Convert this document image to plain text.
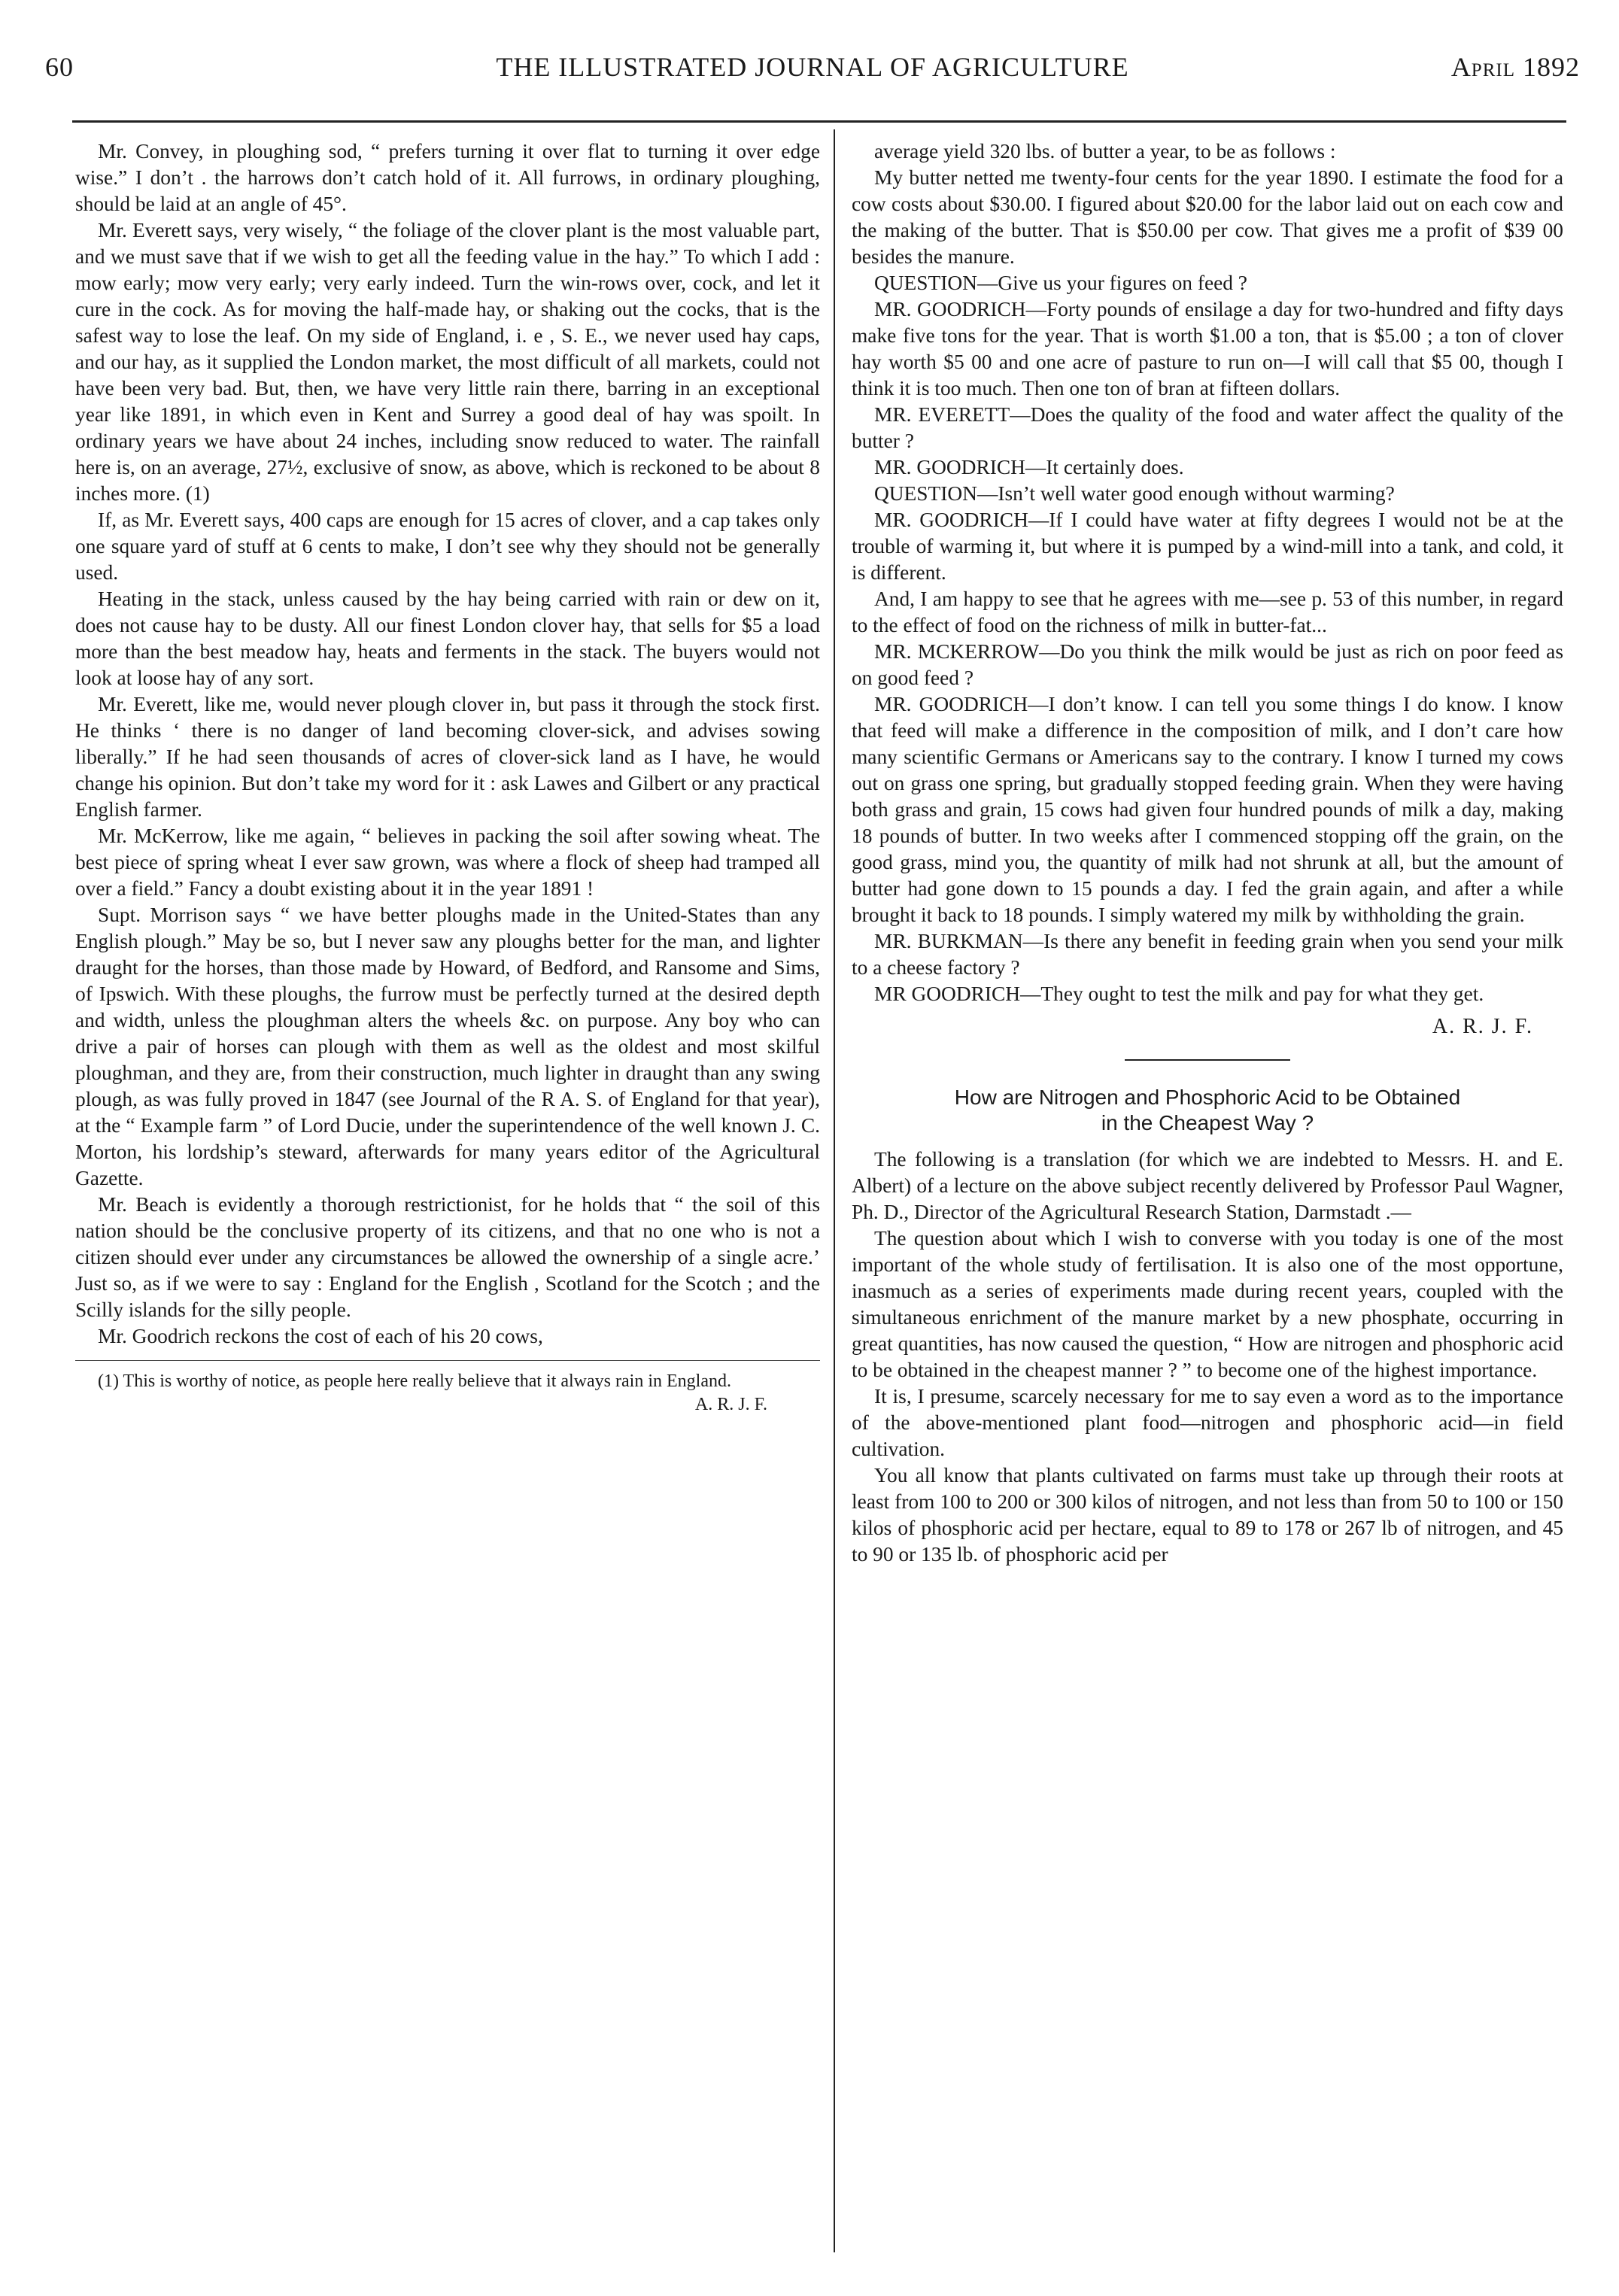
60	THE ILLUSTRATED JOURNAL OF AGRICULTURE	April 1892

Mr. Convey, in ploughing sod, “ prefers turning it over flat to turning it over edge wise.” I don’t . the harrows don’t catch hold of it. All furrows, in ordinary ploughing, should be laid at an angle of 45°.

Mr. Everett says, very wisely, “ the foliage of the clover plant is the most valuable part, and we must save that if we wish to get all the feeding value in the hay.” To which I add : mow early; mow very early; very early indeed. Turn the win-rows over, cock, and let it cure in the cock. As for moving the half-made hay, or shaking out the cocks, that is the safest way to lose the leaf. On my side of England, i. e , S. E., we never used hay caps, and our hay, as it supplied the London market, the most difficult of all markets, could not have been very bad. But, then, we have very little rain there, barring in an exceptional year like 1891, in which even in Kent and Surrey a good deal of hay was spoilt. In ordinary years we have about 24 inches, including snow reduced to water. The rainfall here is, on an average, 27½, exclusive of snow, as above, which is reckoned to be about 8 inches more. (1)

If, as Mr. Everett says, 400 caps are enough for 15 acres of clover, and a cap takes only one square yard of stuff at 6 cents to make, I don’t see why they should not be generally used.

Heating in the stack, unless caused by the hay being carried with rain or dew on it, does not cause hay to be dusty. All our finest London clover hay, that sells for $5 a load more than the best meadow hay, heats and ferments in the stack. The buyers would not look at loose hay of any sort.

Mr. Everett, like me, would never plough clover in, but pass it through the stock first. He thinks ‘ there is no danger of land becoming clover-sick, and advises sowing liberally.” If he had seen thousands of acres of clover-sick land as I have, he would change his opinion. But don’t take my word for it : ask Lawes and Gilbert or any practical English farmer.

Mr. McKerrow, like me again, “ believes in packing the soil after sowing wheat. The best piece of spring wheat I ever saw grown, was where a flock of sheep had tramped all over a field.” Fancy a doubt existing about it in the year 1891 !

Supt. Morrison says “ we have better ploughs made in the United-States than any English plough.” May be so, but I never saw any ploughs better for the man, and lighter draught for the horses, than those made by Howard, of Bedford, and Ransome and Sims, of Ipswich. With these ploughs, the furrow must be perfectly turned at the desired depth and width, unless the ploughman alters the wheels &c. on purpose. Any boy who can drive a pair of horses can plough with them as well as the oldest and most skilful ploughman, and they are, from their construction, much lighter in draught than any swing plough, as was fully proved in 1847 (see Journal of the R A. S. of England for that year), at the “ Example farm ” of Lord Ducie, under the superintendence of the well known J. C. Morton, his lordship’s steward, afterwards for many years editor of the Agricultural Gazette.

Mr. Beach is evidently a thorough restrictionist, for he holds that “ the soil of this nation should be the conclusive property of its citizens, and that no one who is not a citizen should ever under any circumstances be allowed the ownership of a single acre.’ Just so, as if we were to say : England for the English , Scotland for the Scotch ; and the Scilly islands for the silly people.

Mr. Goodrich reckons the cost of each of his 20 cows,

(1) This is worthy of notice, as people here really believe that it always rain in England.
A. R. J. F.

average yield 320 lbs. of butter a year, to be as follows :

My butter netted me twenty-four cents for the year 1890. I estimate the food for a cow costs about $30.00. I figured about $20.00 for the labor laid out on each cow and the making of the butter. That is $50.00 per cow. That gives me a profit of $39 00 besides the manure.

QUESTION—Give us your figures on feed ?

MR. GOODRICH—Forty pounds of ensilage a day for two-hundred and fifty days make five tons for the year. That is worth $1.00 a ton, that is $5.00 ; a ton of clover hay worth $5 00 and one acre of pasture to run on—I will call that $5 00, though I think it is too much. Then one ton of bran at fifteen dollars.

MR. EVERETT—Does the quality of the food and water affect the quality of the butter ?

MR. GOODRICH—It certainly does.

QUESTION—Isn’t well water good enough without warming?

MR. GOODRICH—If I could have water at fifty degrees I would not be at the trouble of warming it, but where it is pumped by a wind-mill into a tank, and cold, it is different.

And, I am happy to see that he agrees with me—see p. 53 of this number, in regard to the effect of food on the richness of milk in butter-fat...

MR. MCKERROW—Do you think the milk would be just as rich on poor feed as on good feed ?

MR. GOODRICH—I don’t know. I can tell you some things I do know. I know that feed will make a difference in the composition of milk, and I don’t care how many scientific Germans or Americans say to the contrary. I know I turned my cows out on grass one spring, but gradually stopped feeding grain. When they were having both grass and grain, 15 cows had given four hundred pounds of milk a day, making 18 pounds of butter. In two weeks after I commenced stopping off the grain, on the good grass, mind you, the quantity of milk had not shrunk at all, but the amount of butter had gone down to 15 pounds a day. I fed the grain again, and after a while brought it back to 18 pounds. I simply watered my milk by withholding the grain.

MR. BURKMAN—Is there any benefit in feeding grain when you send your milk to a cheese factory ?

MR GOODRICH—They ought to test the milk and pay for what they get.

A. R. J. F.
How are Nitrogen and Phosphoric Acid to be Obtained
in the Cheapest Way ?

The following is a translation (for which we are indebted to Messrs. H. and E. Albert) of a lecture on the above subject recently delivered by Professor Paul Wagner, Ph. D., Director of the Agricultural Research Station, Darmstadt .—

The question about which I wish to converse with you today is one of the most important of the whole study of fertilisation. It is also one of the most opportune, inasmuch as a series of experiments made during recent years, coupled with the simultaneous enrichment of the manure market by a new phosphate, occurring in great quantities, has now caused the question, “ How are nitrogen and phosphoric acid to be obtained in the cheapest manner ? ” to become one of the highest importance.

It is, I presume, scarcely necessary for me to say even a word as to the importance of the above-mentioned plant food—nitrogen and phosphoric acid—in field cultivation.

You all know that plants cultivated on farms must take up through their roots at least from 100 to 200 or 300 kilos of nitrogen, and not less than from 50 to 100 or 150 kilos of phosphoric acid per hectare, equal to 89 to 178 or 267 lb of nitrogen, and 45 to 90 or 135 lb. of phosphoric acid per
